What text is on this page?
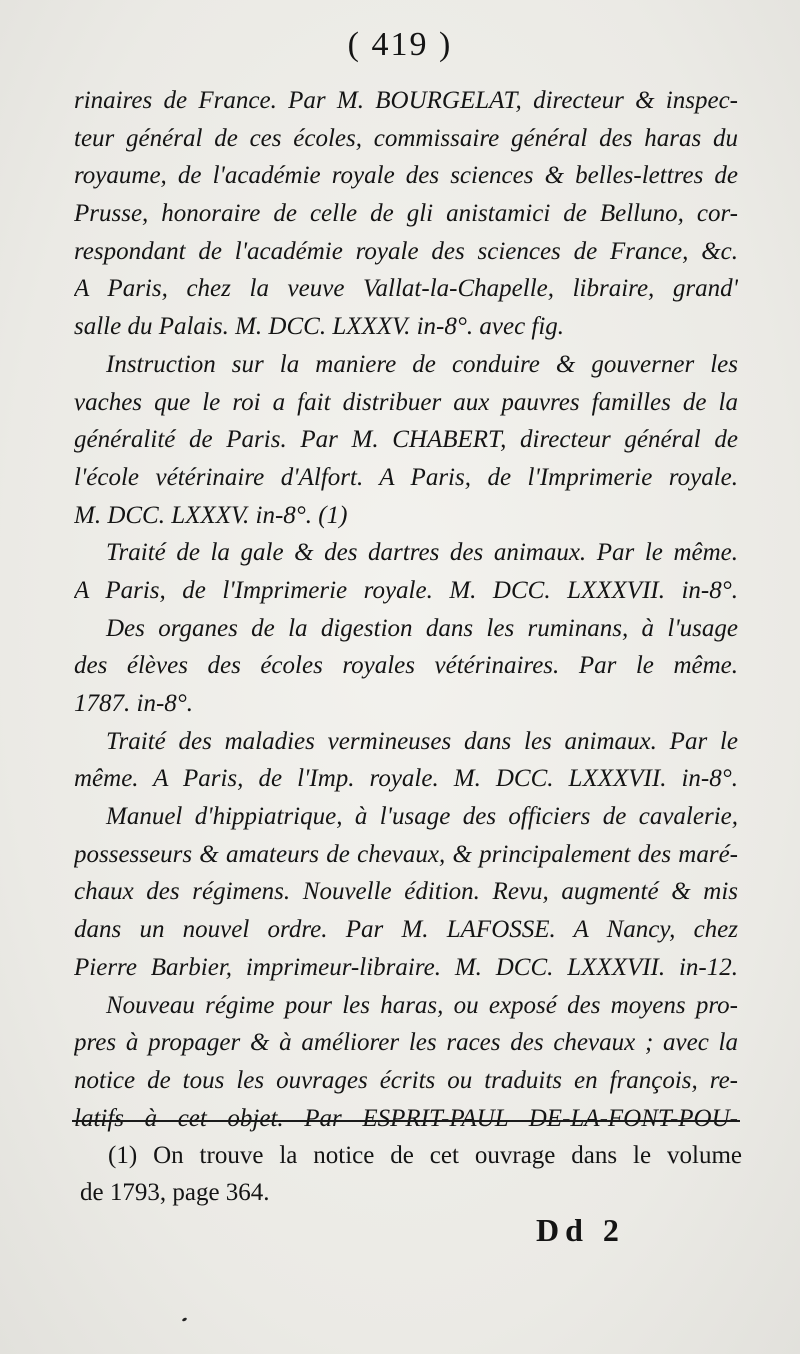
( 419 )
rinaires de France. Par M. BOURGELAT, directeur & inspec-
teur général de ces écoles, commissaire général des haras du
royaume, de l'académie royale des sciences & belles-lettres de
Prusse, honoraire de celle de gli anistamici de Belluno, cor-
respondant de l'académie royale des sciences de France, &c.
A Paris, chez la veuve Vallat-la-Chapelle, libraire, grand'
salle du Palais. M. DCC. LXXXV. in-8°. avec fig.
Instruction sur la maniere de conduire & gouverner les
vaches que le roi a fait distribuer aux pauvres familles de la
généralité de Paris. Par M. CHABERT, directeur général de
l'école vétérinaire d'Alfort. A Paris, de l'Imprimerie royale.
M. DCC. LXXXV. in-8°. (1)
Traité de la gale & des dartres des animaux. Par le même.
A Paris, de l'Imprimerie royale. M. DCC. LXXXVII. in-8°.
Des organes de la digestion dans les ruminans, à l'usage
des élèves des écoles royales vétérinaires. Par le même.
1787. in-8°.
Traité des maladies vermineuses dans les animaux. Par le
même. A Paris, de l'Imp. royale. M. DCC. LXXXVII. in-8°.
Manuel d'hippiatrique, à l'usage des officiers de cavalerie,
possesseurs & amateurs de chevaux, & principalement des maré-
chaux des régimens. Nouvelle édition. Revu, augmenté & mis
dans un nouvel ordre. Par M. LAFOSSE. A Nancy, chez
Pierre Barbier, imprimeur-libraire. M. DCC. LXXXVII. in-12.
Nouveau régime pour les haras, ou exposé des moyens pro-
pres à propager & à améliorer les races des chevaux ; avec la
notice de tous les ouvrages écrits ou traduits en françois, re-
latifs à cet objet. Par ESPRIT-PAUL DE-LA-FONT-POU-
(1) On trouve la notice de cet ouvrage dans le volume
de 1793, page 364.
Dd 2
